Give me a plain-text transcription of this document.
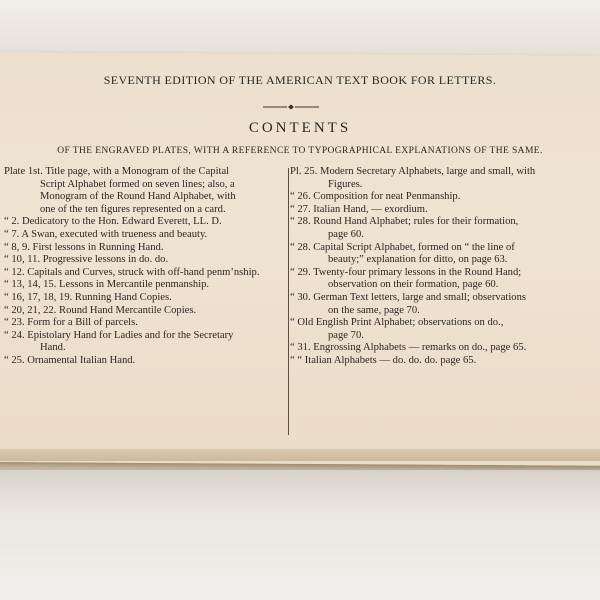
SEVENTH EDITION OF THE AMERICAN TEXT BOOK FOR LETTERS.
CONTENTS
OF THE ENGRAVED PLATES, WITH A REFERENCE TO TYPOGRAPHICAL EXPLANATIONS OF THE SAME.
Plate 1st. Title page, with a Monogram of the Capital
Script Alphabet formed on seven lines; also, a
Monogram of the Round Hand Alphabet, with
one of the ten figures represented on a card.
“ 2. Dedicatory to the Hon. Edward Everett, LL. D.
“ 7. A Swan, executed with trueness and beauty.
“ 8, 9. First lessons in Running Hand.
“ 10, 11. Progressive lessons in do. do.
“ 12. Capitals and Curves, struck with off-hand penm’nship.
“ 13, 14, 15. Lessons in Mercantile penmanship.
“ 16, 17, 18, 19. Running Hand Copies.
“ 20, 21, 22. Round Hand Mercantile Copies.
“ 23. Form for a Bill of parcels.
“ 24. Epistolary Hand for Ladies and for the Secretary
Hand.
“ 25. Ornamental Italian Hand.
Pl. 25. Modern Secretary Alphabets, large and small, with
Figures.
“ 26. Composition for neat Penmanship.
“ 27. Italian Hand, — exordium.
“ 28. Round Hand Alphabet; rules for their formation,
page 60.
“ 28. Capital Script Alphabet, formed on “ the line of
beauty;” explanation for ditto, on page 63.
“ 29. Twenty-four primary lessons in the Round Hand;
observation on their formation, page 60.
“ 30. German Text letters, large and small; observations
on the same, page 70.
“ Old English Print Alphabet; observations on do.,
page 70.
“ 31. Engrossing Alphabets — remarks on do., page 65.
“ “ Italian Alphabets — do. do. do. page 65.
